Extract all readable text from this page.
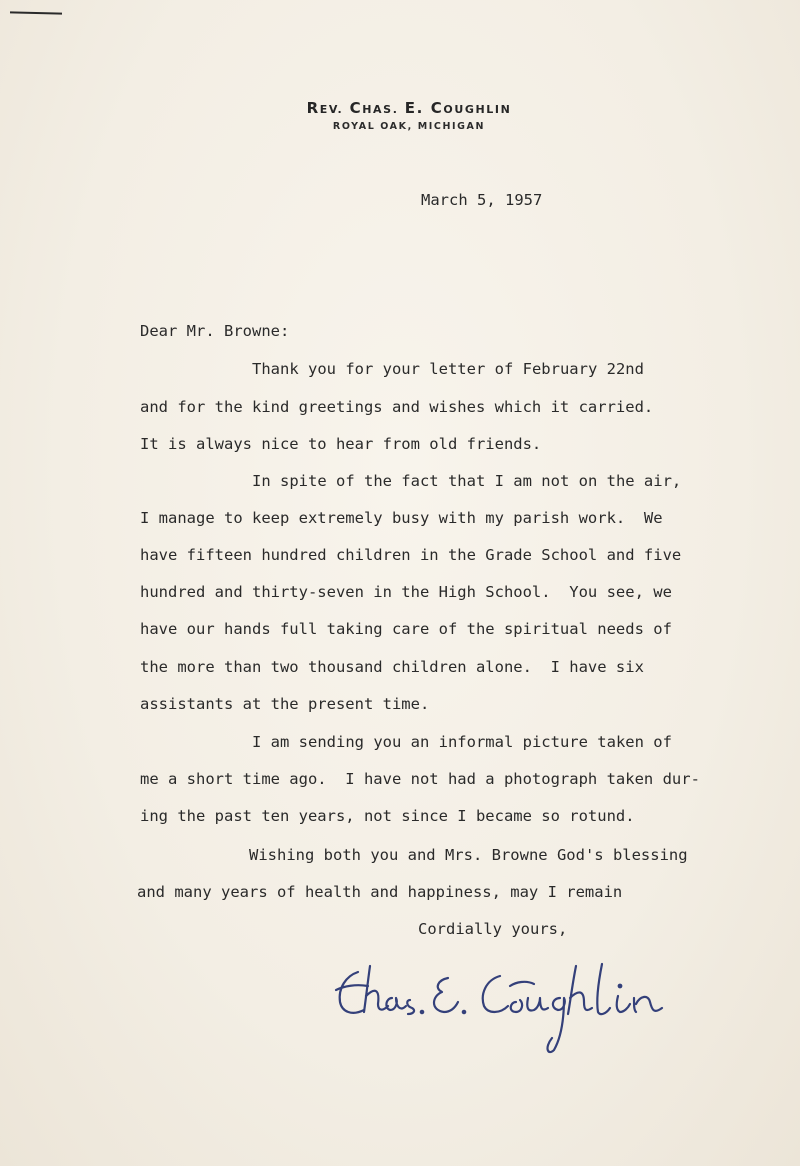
REV. CHAS. E. COUGHLIN
ROYAL OAK, MICHIGAN
March 5, 1957
Dear Mr. Browne:
Thank you for your letter of February 22nd
and for the kind greetings and wishes which it carried.
It is always nice to hear from old friends.
In spite of the fact that I am not on the air,
I manage to keep extremely busy with my parish work.  We
have fifteen hundred children in the Grade School and five
hundred and thirty-seven in the High School.  You see, we
have our hands full taking care of the spiritual needs of
the more than two thousand children alone.  I have six
assistants at the present time.
I am sending you an informal picture taken of
me a short time ago.  I have not had a photograph taken dur-
ing the past ten years, not since I became so rotund.
Wishing both you and Mrs. Browne God's blessing
and many years of health and happiness, may I remain
Cordially yours,
